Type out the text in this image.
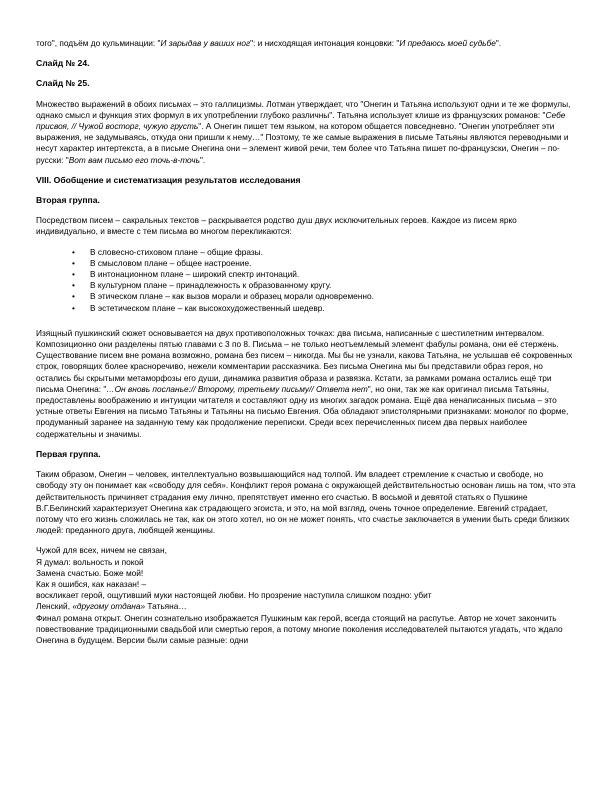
того", подъём до кульминации: "И зарыдав у ваших ног": и нисходящая интонация концовки: "И предаюсь моей судьбе".

Слайд № 24.

Слайд № 25.

Множество выражений в обоих письмах – это галлицизмы. Лотман утверждает, что "Онегин и Татьяна используют одни и те же формулы, однако смысл и функция этих формул в их употреблении глубоко различны". Татьяна использует клише из французских романов: "Себе присвоя, // Чужой восторг, чужую грусть". А Онегин пишет тем языком, на котором общается повседневно. "Онегин употребляет эти выражения, не задумываясь, откуда они пришли к нему…" Поэтому, те же самые выражения в письме Татьяны являются переводными и несут характер интертекста, а в письме Онегина они – элемент живой речи, тем более что Татьяна пишет по-французски, Онегин – по-русски: "Вот вам письмо его точь-в-точь".

VIII. Обобщение и систематизация результатов исследования

Вторая группа.

Посредством писем – сакральных текстов – раскрывается родство душ двух исключительных героев. Каждое из писем ярко индивидуально, и вместе с тем письма во многом перекликаются:

• В словесно-стиховом плане – общие фразы.
• В смысловом плане – общее настроение.
• В интонационном плане – широкий спектр интонаций.
• В культурном плане – принадлежность к образованному кругу.
• В этическом плане – как вызов морали и образец морали одновременно.
• В эстетическом плане – как высокохудожественный шедевр.

Изящный пушкинский сюжет основывается на двух противоположных точках: два письма, написанные с шестилетним интервалом. Композиционно они разделены пятью главами с 3 по 8. Письма – не только неотъемлемый элемент фабулы романа, они её стержень. Существование писем вне романа возможно, романа без писем – никогда. Мы бы не узнали, какова Татьяна, не услышав её сокровенных строк, говорящих более красноречиво, нежели комментарии рассказчика. Без письма Онегина мы бы представили образ героя, но остались бы скрытыми метаморфозы его души, динамика развития образа и развязка. Кстати, за рамками романа остались ещё три письма Онегина: "…Он вновь посланье:// Второму, третьему письму// Ответа нет", но они, так же как оригинал письма Татьяны, предоставлены воображению и интуиции читателя и составляют одну из многих загадок романа. Ещё два ненаписанных письма – это устные ответы Евгения на письмо Татьяны и Татьяны на письмо Евгения. Оба обладают эпистолярными признаками: монолог по форме, продуманный заранее на заданную тему как продолжение переписки. Среди всех перечисленных писем два первых наиболее содержательны и значимы.

Первая группа.

Таким образом, Онегин – человек, интеллектуально возвышающийся над толпой. Им владеет стремление к счастью и свободе, но свободу эту он понимает как «свободу для себя». Конфликт героя романа с окружающей действительностью основан лишь на том, что эта действительность причиняет страдания ему лично, препятствует именно его счастью. В восьмой и девятой статьях о Пушкине В.Г.Белинский характеризует Онегина как страдающего эгоиста, и это, на мой взгляд, очень точное определение. Евгений страдает, потому что его жизнь сложилась не так, как он этого хотел, но он не может понять, что счастье заключается в умении быть среди близких людей: преданного друга, любящей женщины.

Чужой для всех, ничем не связан,

Я думал: вольность и покой

Замена счастью. Боже мой!

Как я ошибся, как наказан! –

воскликает герой, ощутивший муки настоящей любви. Но прозрение наступила слишком поздно: убит

Ленский, «другому отдана» Татьяна…

Финал романа открыт. Онегин сознательно изображается Пушкиным как герой, всегда стоящий на распутье. Автор не хочет закончить повествование традиционными свадьбой или смертью героя, а потому многие поколения исследователей пытаются угадать, что ждало Онегина в будущем. Версии были самые разные: одни
